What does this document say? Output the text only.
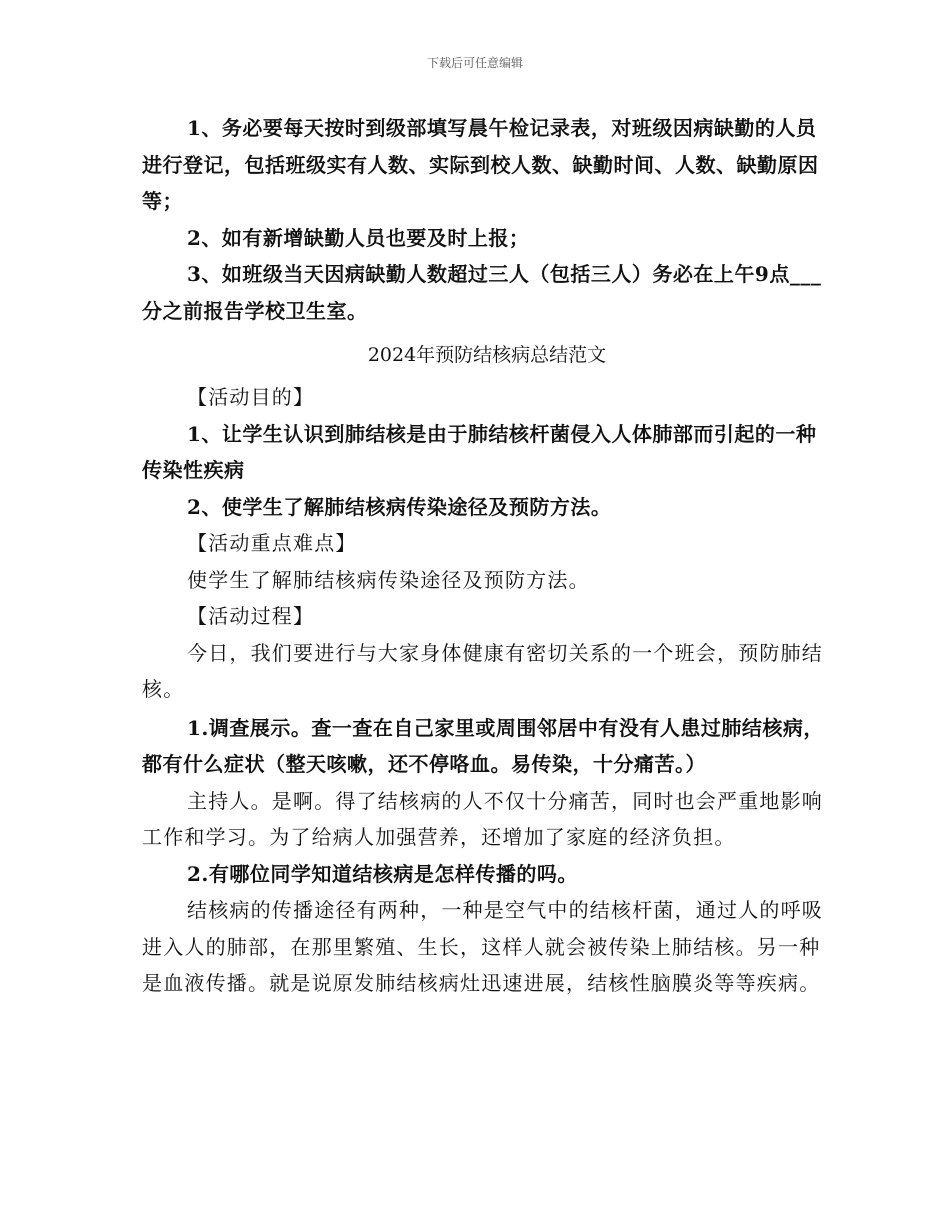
下载后可任意编辑

1、务必要每天按时到级部填写晨午检记录表，对班级因病缺勤的人员进行登记，包括班级实有人数、实际到校人数、缺勤时间、人数、缺勤原因等；

2、如有新增缺勤人员也要及时上报；

3、如班级当天因病缺勤人数超过三人（包括三人）务必在上午9点___分之前报告学校卫生室。

2024年预防结核病总结范文

【活动目的】

1、让学生认识到肺结核是由于肺结核杆菌侵入人体肺部而引起的一种传染性疾病

2、使学生了解肺结核病传染途径及预防方法。

【活动重点难点】

使学生了解肺结核病传染途径及预防方法。

【活动过程】

今日，我们要进行与大家身体健康有密切关系的一个班会，预防肺结核。

1.调查展示。查一查在自己家里或周围邻居中有没有人患过肺结核病，都有什么症状（整天咳嗽，还不停咯血。易传染，十分痛苦。）

主持人。是啊。得了结核病的人不仅十分痛苦，同时也会严重地影响工作和学习。为了给病人加强营养，还增加了家庭的经济负担。

2.有哪位同学知道结核病是怎样传播的吗。

结核病的传播途径有两种，一种是空气中的结核杆菌，通过人的呼吸进入人的肺部，在那里繁殖、生长，这样人就会被传染上肺结核。另一种是血液传播。就是说原发肺结核病灶迅速进展，结核性脑膜炎等等疾病。
